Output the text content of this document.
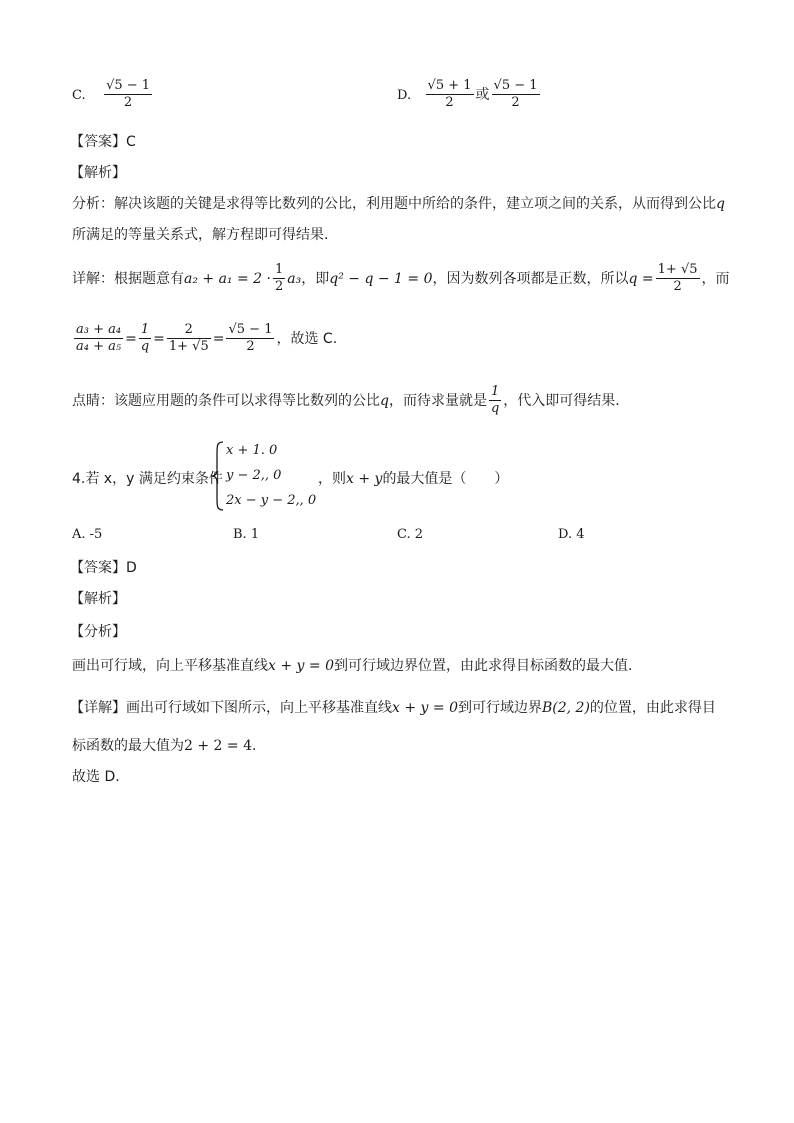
C. $\frac{√5 - 1}{2}$	D. $\frac{√5 + 1}{2}$ 或 $\frac{√5 - 1}{2}$
【答案】C
【解析】
分析：解决该题的关键是求得等比数列的公比，利用题中所给的条件，建立项之间的关系，从而得到公比q
所满足的等量关系式，解方程即可得结果.
详解：根据题意有$a_2 + a_1 = 2 \cdot \frac{1}{2} a_3$，即q² − q − 1 = 0，因为数列各项都是正数，所以$q = \frac{1+ √5}{2}$ ，而
$\frac{\text{a₃ + a₄}}{\text{a₄ + a₅}} = \frac{1}{q} = \frac{2}{1+ √5} = \frac{√5 - 1}{2}$ ，故选 C.
点睛：该题应用题的条件可以求得等比数列的公比q，而待求量就是 $\frac{1}{q}$ ，代入即可得结果.
4.若 x，y 满足约束条件
x + 1. 0
y − 2,, 0
2x − y − 2,, 0
，则x + y的最大值是（　　）
A. -5	B. 1	C. 2	D. 4
【答案】D
【解析】
【分析】
画出可行域，向上平移基准直线x + y = 0到可行域边界位置，由此求得目标函数的最大值.
【详解】画出可行域如下图所示，向上平移基准直线x + y = 0到可行域边界B(2, 2)的位置，由此求得目
标函数的最大值为2 + 2 = 4.
故选 D.
